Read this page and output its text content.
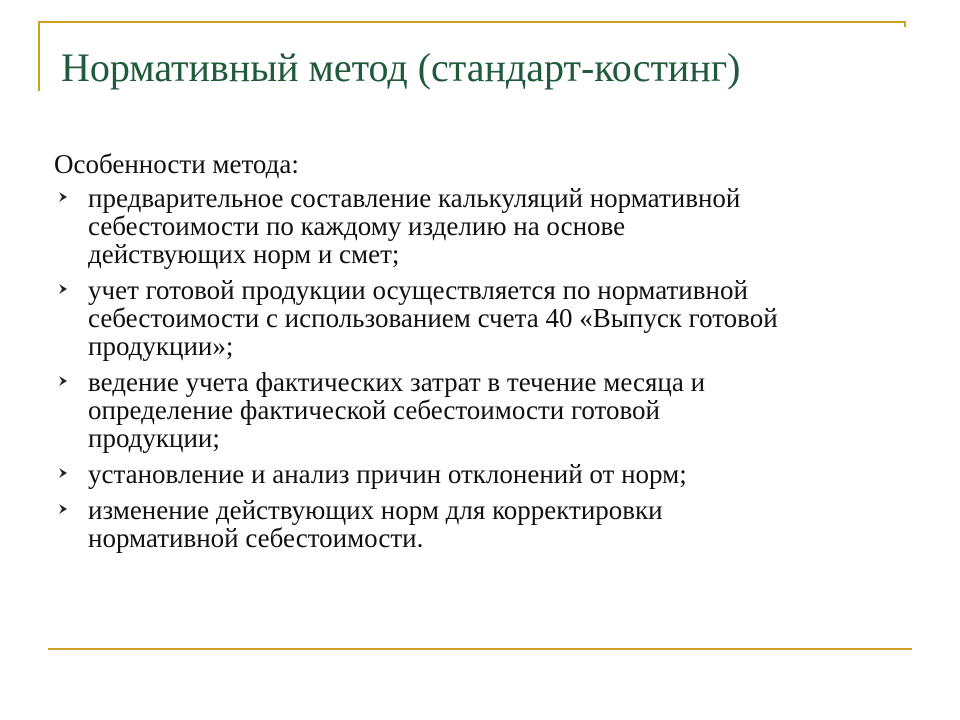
Нормативный метод (стандарт-костинг)
Особенности метода:
предварительное составление калькуляций нормативной
себестоимости по каждому изделию на основе
действующих норм и смет;
учет готовой продукции осуществляется по нормативной
себестоимости с использованием счета 40 «Выпуск готовой
продукции»;
ведение учета фактических затрат в течение месяца и
определение фактической себестоимости готовой
продукции;
установление и анализ причин отклонений от норм;
изменение действующих норм для корректировки
нормативной себестоимости.
